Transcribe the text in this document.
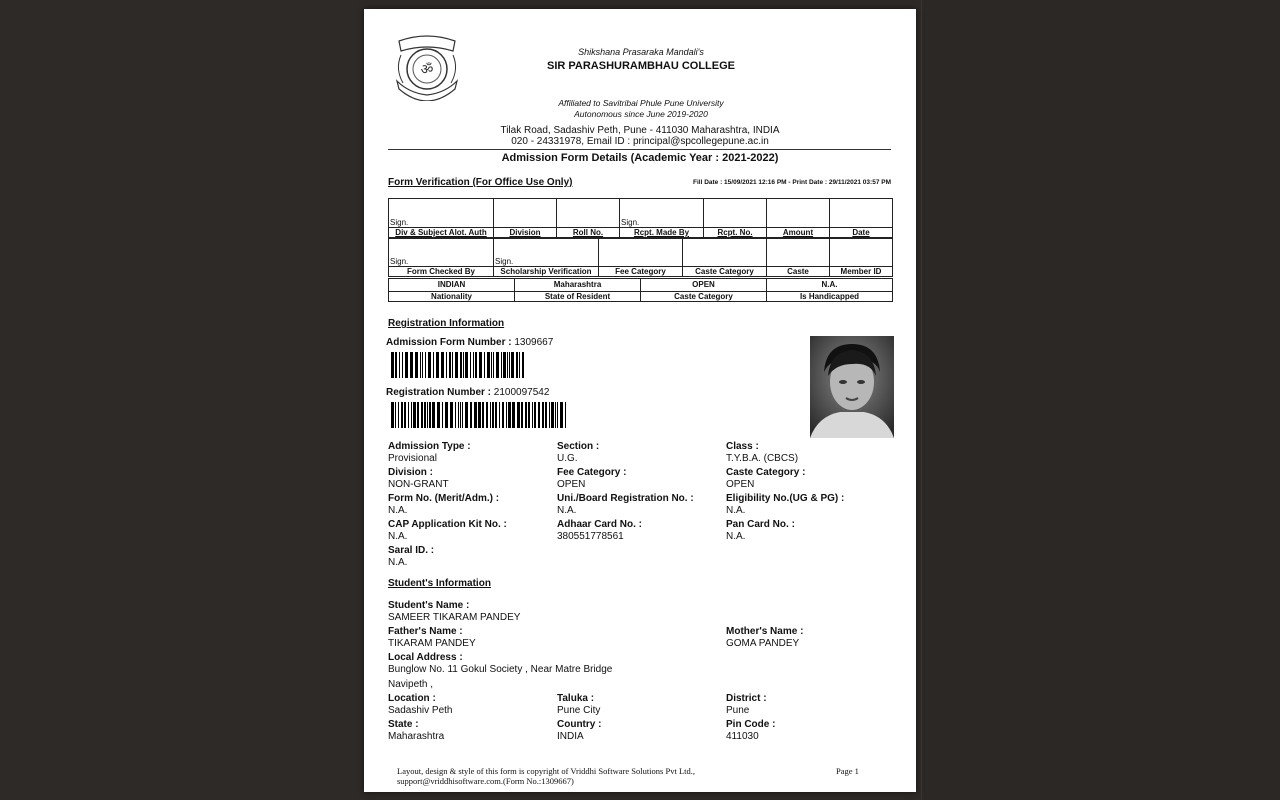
ॐ
Shikshana Prasaraka Mandali's
SIR PARASHURAMBHAU COLLEGE
Affiliated to Savitribai Phule Pune University
Autonomous since June 2019-2020
Tilak Road, Sadashiv Peth, Pune - 411030 Maharashtra, INDIA
020 - 24331978, Email ID : principal@spcollegepune.ac.in
Admission Form Details (Academic Year : 2021-2022)
Form Verification (For Office Use Only)	Fill Date : 15/09/2021 12:16 PM - Print Date : 29/11/2021 03:57 PM
Sign.			Sign.			

Div & Subject Alot. Auth	Division	Roll No.	Rcpt. Made By	Rcpt. No.	Amount	Date
Sign.	Sign.				

Form Checked By	Scholarship Verification	Fee Category	Caste Category	Caste	Member ID
INDIAN	Maharashtra	OPEN	N.A.
Nationality	State of Resident	Caste Category	Is Handicapped
Registration Information
Admission Form Number : 1309667
Registration Number : 2100097542
Admission Type :
Provisional
Section :
U.G.
Class :
T.Y.B.A. (CBCS)
Division :
NON-GRANT
Fee Category :
OPEN
Caste Category :
OPEN
Form No. (Merit/Adm.) :
N.A.
Uni./Board Registration No. :
N.A.
Eligibility No.(UG & PG) :
N.A.
CAP Application Kit No. :
N.A.
Adhaar Card No. :
380551778561
Pan Card No. :
N.A.
Saral ID. :
N.A.
Student's Information
Student's Name :
SAMEER TIKARAM PANDEY
Father's Name :
TIKARAM PANDEY
Mother's Name :
GOMA PANDEY
Local Address :
Bunglow No. 11 Gokul Society , Near Matre Bridge
Navipeth ,
Location :
Sadashiv Peth
Taluka :
Pune City
District :
Pune
State :
Maharashtra
Country :
INDIA
Pin Code :
411030
Layout, design & style of this form is copyright of Vriddhi Software Solutions Pvt Ltd.,
support@vriddhisoftware.com.(Form No.:1309667)
Page 1
